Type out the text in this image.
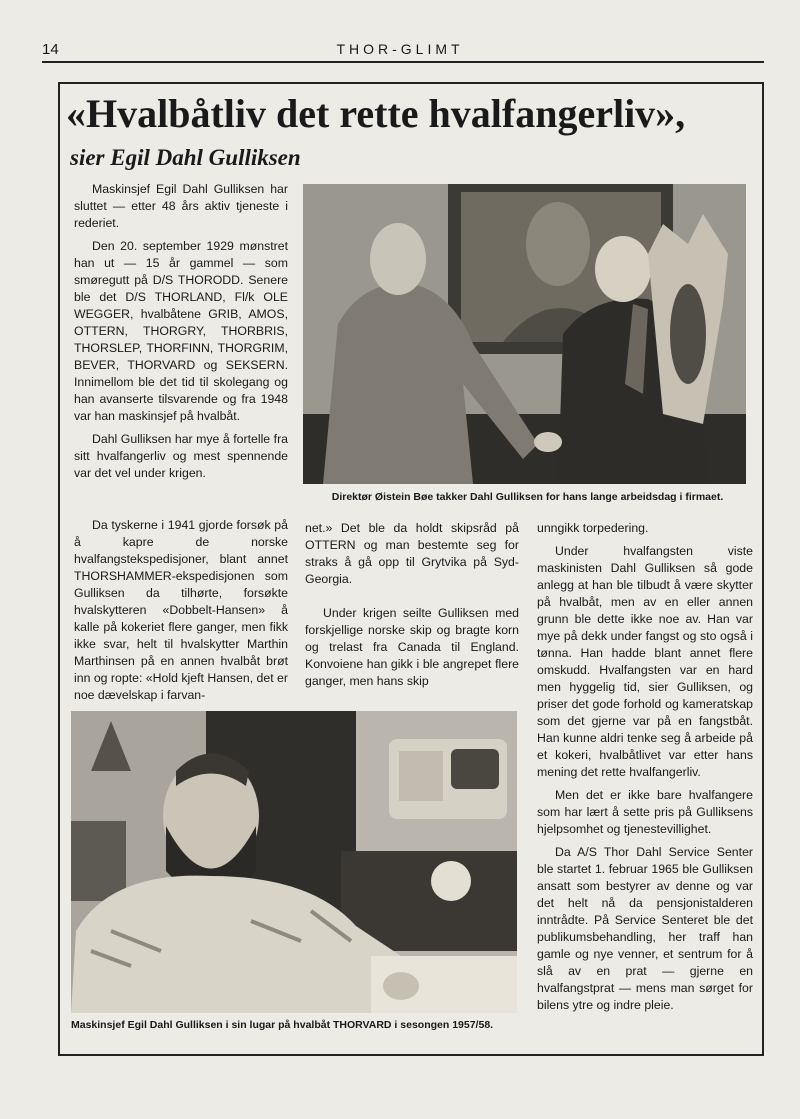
14	THOR-GLIMT
«Hvalbåtliv det rette hvalfangerliv»,
sier Egil Dahl Gulliksen

Maskinsjef Egil Dahl Gulliksen har sluttet — etter 48 års aktiv tjeneste i rederiet.

Den 20. september 1929 mønstret han ut — 15 år gammel — som smøregutt på D/S THORODD. Senere ble det D/S THORLAND, Fl/k OLE WEGGER, hvalbåtene GRIB, AMOS, OTTERN, THORGRY, THORBRIS, THORSLEP, THORFINN, THORGRIM, BEVER, THORVARD og SEKSERN. Innimellom ble det tid til skolegang og han avanserte tilsvarende og fra 1948 var han maskinsjef på hvalbåt.

Dahl Gulliksen har mye å fortelle fra sitt hvalfangerliv og mest spennende var det vel under krigen.

Direktør Øistein Bøe takker Dahl Gulliksen for hans lange arbeidsdag i firmaet.

Da tyskerne i 1941 gjorde forsøk på å kapre de norske hvalfangstekspedisjoner, blant annet THORSHAMMER-ekspedisjonen som Gulliksen da tilhørte, forsøkte hvalskytteren «Dobbelt-Hansen» å kalle på kokeriet flere ganger, men fikk ikke svar, helt til hvalskytter Marthin Marthinsen på en annen hvalbåt brøt inn og ropte: «Hold kjeft Hansen, det er noe dævelskap i farvan-

net.» Det ble da holdt skipsråd på OTTERN og man bestemte seg for straks å gå opp til Grytvika på Syd-Georgia.

Under krigen seilte Gulliksen med forskjellige norske skip og bragte korn og trelast fra Canada til England. Konvoiene han gikk i ble angrepet flere ganger, men hans skip

unngikk torpedering.

Under hvalfangsten viste maskinisten Dahl Gulliksen så gode anlegg at han ble tilbudt å være skytter på hvalbåt, men av en eller annen grunn ble dette ikke noe av. Han var mye på dekk under fangst og sto også i tønna. Han hadde blant annet flere omskudd. Hvalfangsten var en hard men hyggelig tid, sier Gulliksen, og priser det gode forhold og kameratskap som det gjerne var på en fangstbåt. Han kunne aldri tenke seg å arbeide på et kokeri, hvalbåtlivet var etter hans mening det rette hvalfangerliv.

Men det er ikke bare hvalfangere som har lært å sette pris på Gulliksens hjelpsomhet og tjenestevillighet.

Da A/S Thor Dahl Service Senter ble startet 1. februar 1965 ble Gulliksen ansatt som bestyrer av denne og var det helt nå da pensjonistalderen inntrådte. På Service Senteret ble det publikumsbehandling, her traff han gamle og nye venner, et sentrum for å slå av en prat — gjerne en hvalfangstprat — mens man sørget for bilens ytre og indre pleie.

Maskinsjef Egil Dahl Gulliksen i sin lugar på hvalbåt THORVARD i sesongen 1957/58.
